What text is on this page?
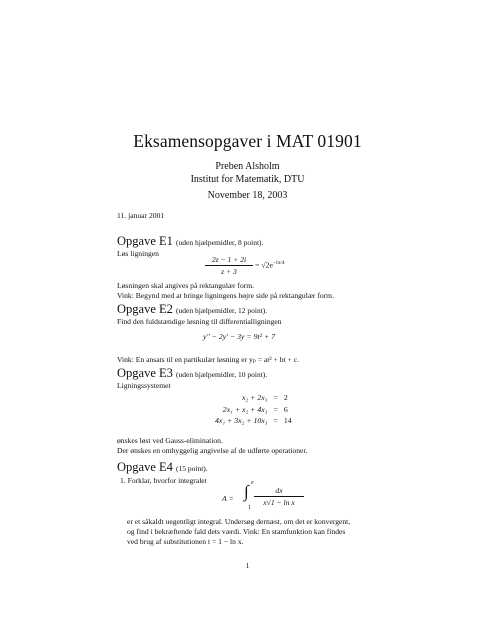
Eksamensopgaver i MAT 01901
Preben Alsholm
Institut for Matematik, DTU
November 18, 2003
11. januar 2001
Opgave E1 (uden hjælpemidler, 8 point).
Løs ligningen
2z − 1 + 2i
z + 3
= $√2e^{-i\pi/4}$
Løsningen skal angives på rektangulær form.
Vink: Begynd med at bringe ligningens højre side på rektangulær form.
Opgave E2 (uden hjælpemidler, 12 point).
Find den fuldstændige løsning til differentialligningen
y″ − 2y′ − 3y = 9t² + 7
Vink: En ansats til en partikulær løsning er yₚ = at² + bt + c.
Opgave E3 (uden hjælpemidler, 10 point).
Ligningssystemet
x₂ + 2x₃	=	2
2x₁ + x₂ + 4x₃	=	6
4x₁ + 3x₂ + 10x₃	=	14
ønskes løst ved Gauss-elimination.
Der ønskes en omhyggelig angivelse af de udførte operationer.
Opgave E4 (15 point).
1. Forklar, hvorfor integralet
A = ∫ e
1
dx
x√1 − ln x
er et såkaldt uegentligt integral. Undersøg dernæst, om det er konvergent,
og find i bekræftende fald dets værdi. Vink: En stamfunktion kan findes
ved brug af substitutionen t = 1 − ln x.
1
